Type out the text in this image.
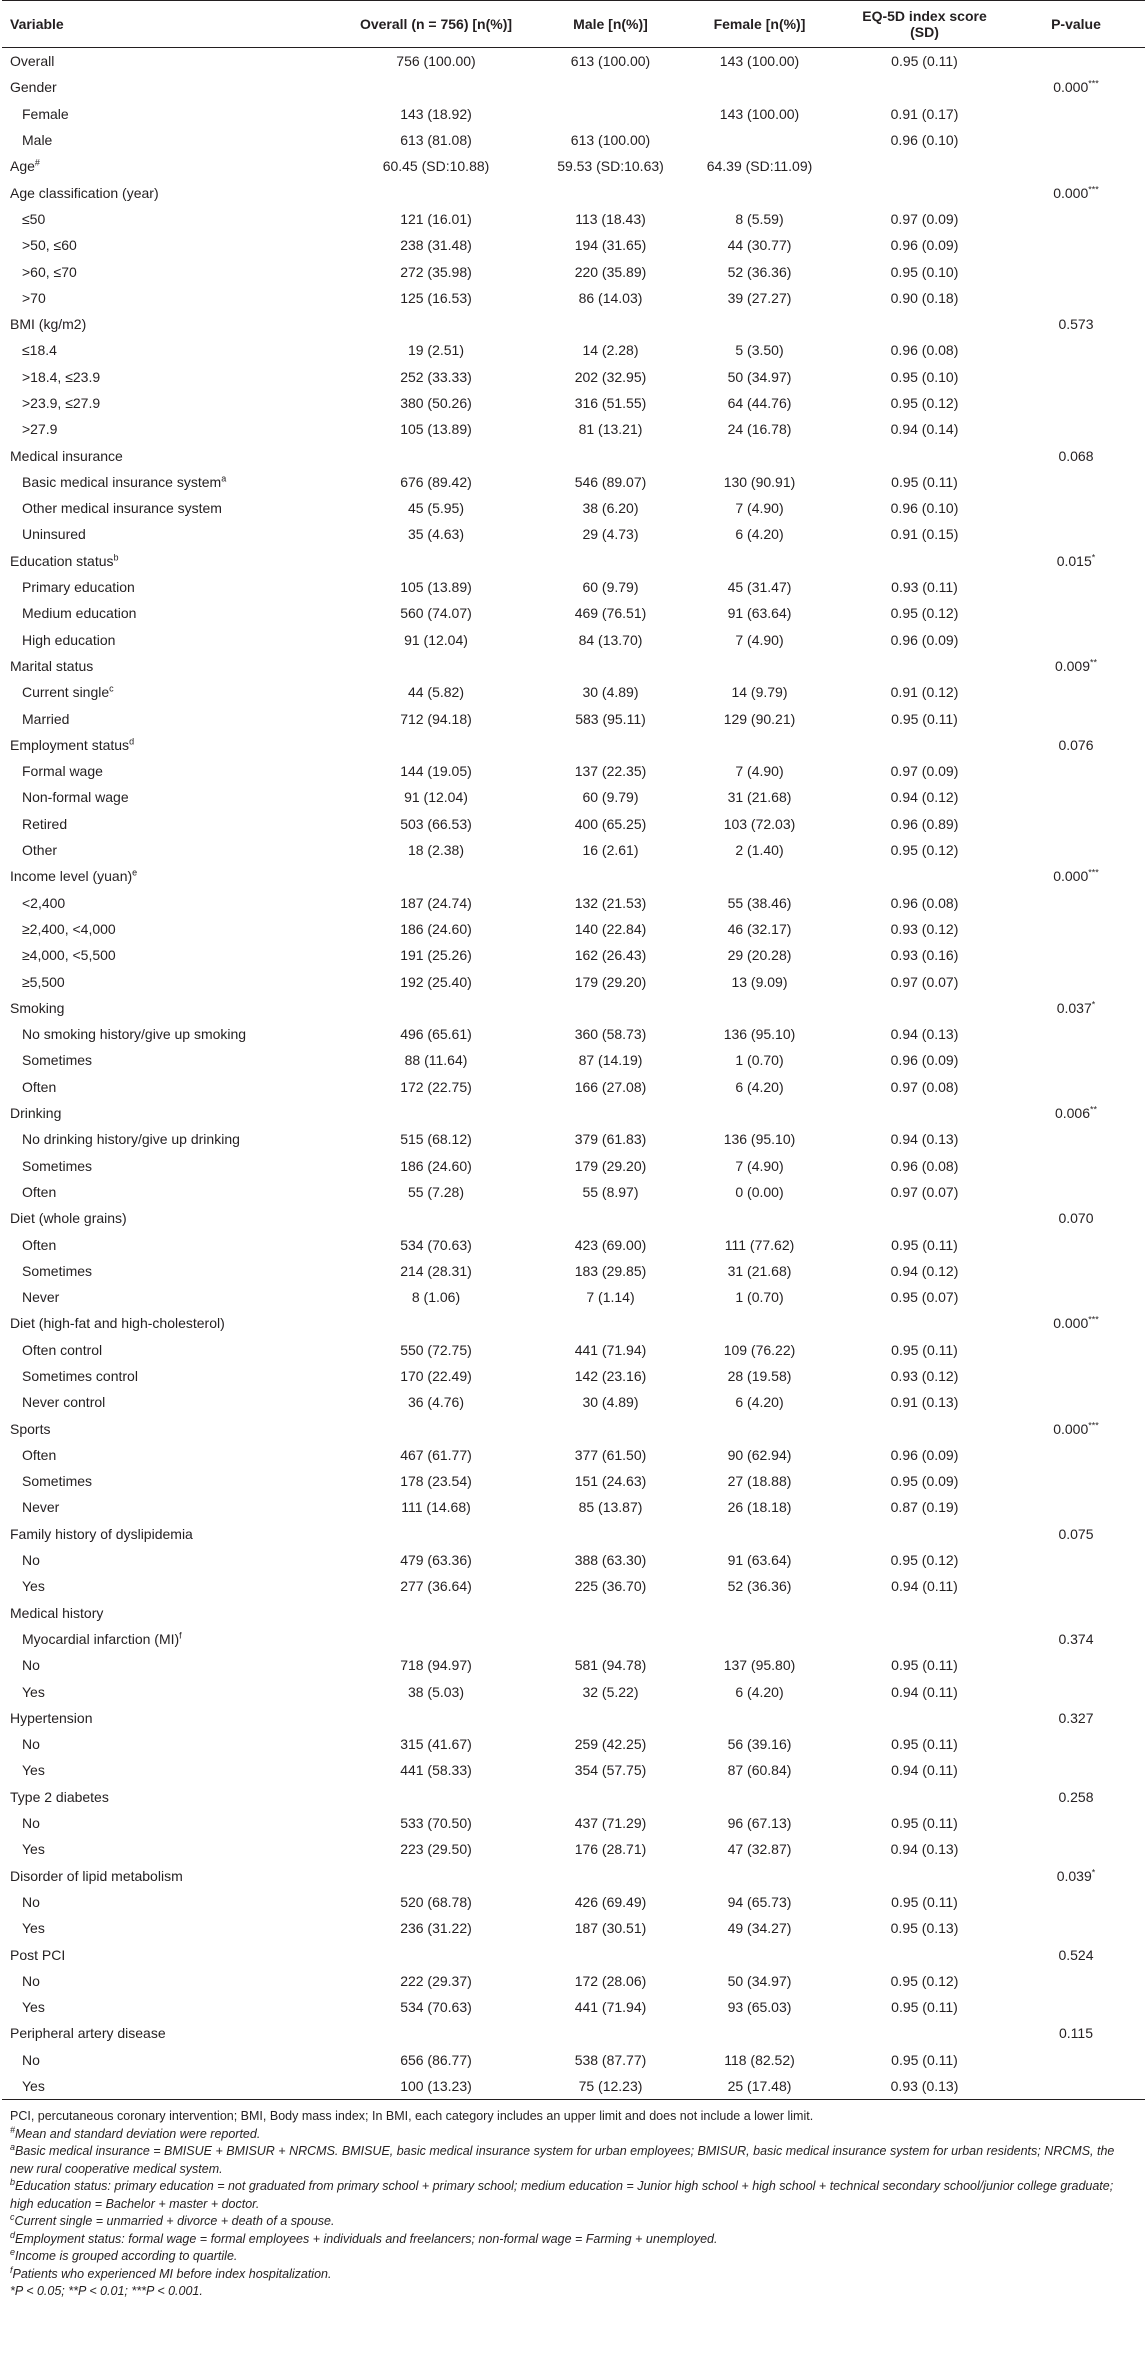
Variable	Overall (n = 756) [n(%)]	Male [n(%)]	Female [n(%)]	EQ-5D index score (SD)	P-value
Overall	756 (100.00)	613 (100.00)	143 (100.00)	0.95 (0.11)	
Gender					0.000***
Female	143 (18.92)		143 (100.00)	0.91 (0.17)	
Male	613 (81.08)	613 (100.00)		0.96 (0.10)	
Age#	60.45 (SD:10.88)	59.53 (SD:10.63)	64.39 (SD:11.09)		
Age classification (year)					0.000***
≤50	121 (16.01)	113 (18.43)	8 (5.59)	0.97 (0.09)	
>50, ≤60	238 (31.48)	194 (31.65)	44 (30.77)	0.96 (0.09)	
>60, ≤70	272 (35.98)	220 (35.89)	52 (36.36)	0.95 (0.10)	
>70	125 (16.53)	86 (14.03)	39 (27.27)	0.90 (0.18)	
BMI (kg/m2)					0.573
≤18.4	19 (2.51)	14 (2.28)	5 (3.50)	0.96 (0.08)	
>18.4, ≤23.9	252 (33.33)	202 (32.95)	50 (34.97)	0.95 (0.10)	
>23.9, ≤27.9	380 (50.26)	316 (51.55)	64 (44.76)	0.95 (0.12)	
>27.9	105 (13.89)	81 (13.21)	24 (16.78)	0.94 (0.14)	
Medical insurance					0.068
Basic medical insurance system$^a$	676 (89.42)	546 (89.07)	130 (90.91)	0.95 (0.11)	
Other medical insurance system	45 (5.95)	38 (6.20)	7 (4.90)	0.96 (0.10)	
Uninsured	35 (4.63)	29 (4.73)	6 (4.20)	0.91 (0.15)	
Education status$^b$					0.015*
Primary education	105 (13.89)	60 (9.79)	45 (31.47)	0.93 (0.11)	
Medium education	560 (74.07)	469 (76.51)	91 (63.64)	0.95 (0.12)	
High education	91 (12.04)	84 (13.70)	7 (4.90)	0.96 (0.09)	
Marital status					0.009**
Current single$^c$	44 (5.82)	30 (4.89)	14 (9.79)	0.91 (0.12)	
Married	712 (94.18)	583 (95.11)	129 (90.21)	0.95 (0.11)	
Employment status$^d$					0.076
Formal wage	144 (19.05)	137 (22.35)	7 (4.90)	0.97 (0.09)	
Non-formal wage	91 (12.04)	60 (9.79)	31 (21.68)	0.94 (0.12)	
Retired	503 (66.53)	400 (65.25)	103 (72.03)	0.96 (0.89)	
Other	18 (2.38)	16 (2.61)	2 (1.40)	0.95 (0.12)	
Income level (yuan)$^e$					0.000***
<2,400	187 (24.74)	132 (21.53)	55 (38.46)	0.96 (0.08)	
≥2,400, <4,000	186 (24.60)	140 (22.84)	46 (32.17)	0.93 (0.12)	
≥4,000, <5,500	191 (25.26)	162 (26.43)	29 (20.28)	0.93 (0.16)	
≥5,500	192 (25.40)	179 (29.20)	13 (9.09)	0.97 (0.07)	
Smoking					0.037*
No smoking history/give up smoking	496 (65.61)	360 (58.73)	136 (95.10)	0.94 (0.13)	
Sometimes	88 (11.64)	87 (14.19)	1 (0.70)	0.96 (0.09)	
Often	172 (22.75)	166 (27.08)	6 (4.20)	0.97 (0.08)	
Drinking					0.006**
No drinking history/give up drinking	515 (68.12)	379 (61.83)	136 (95.10)	0.94 (0.13)	
Sometimes	186 (24.60)	179 (29.20)	7 (4.90)	0.96 (0.08)	
Often	55 (7.28)	55 (8.97)	0 (0.00)	0.97 (0.07)	
Diet (whole grains)					0.070
Often	534 (70.63)	423 (69.00)	111 (77.62)	0.95 (0.11)	
Sometimes	214 (28.31)	183 (29.85)	31 (21.68)	0.94 (0.12)	
Never	8 (1.06)	7 (1.14)	1 (0.70)	0.95 (0.07)	
Diet (high-fat and high-cholesterol)					0.000***
Often control	550 (72.75)	441 (71.94)	109 (76.22)	0.95 (0.11)	
Sometimes control	170 (22.49)	142 (23.16)	28 (19.58)	0.93 (0.12)	
Never control	36 (4.76)	30 (4.89)	6 (4.20)	0.91 (0.13)	
Sports					0.000***
Often	467 (61.77)	377 (61.50)	90 (62.94)	0.96 (0.09)	
Sometimes	178 (23.54)	151 (24.63)	27 (18.88)	0.95 (0.09)	
Never	111 (14.68)	85 (13.87)	26 (18.18)	0.87 (0.19)	
Family history of dyslipidemia					0.075
No	479 (63.36)	388 (63.30)	91 (63.64)	0.95 (0.12)	
Yes	277 (36.64)	225 (36.70)	52 (36.36)	0.94 (0.11)	
Medical history					
Myocardial infarction (MI)$^f$					0.374
No	718 (94.97)	581 (94.78)	137 (95.80)	0.95 (0.11)	
Yes	38 (5.03)	32 (5.22)	6 (4.20)	0.94 (0.11)	
Hypertension					0.327
No	315 (41.67)	259 (42.25)	56 (39.16)	0.95 (0.11)	
Yes	441 (58.33)	354 (57.75)	87 (60.84)	0.94 (0.11)	
Type 2 diabetes					0.258
No	533 (70.50)	437 (71.29)	96 (67.13)	0.95 (0.11)	
Yes	223 (29.50)	176 (28.71)	47 (32.87)	0.94 (0.13)	
Disorder of lipid metabolism					0.039*
No	520 (68.78)	426 (69.49)	94 (65.73)	0.95 (0.11)	
Yes	236 (31.22)	187 (30.51)	49 (34.27)	0.95 (0.13)	
Post PCI					0.524
No	222 (29.37)	172 (28.06)	50 (34.97)	0.95 (0.12)	
Yes	534 (70.63)	441 (71.94)	93 (65.03)	0.95 (0.11)	
Peripheral artery disease					0.115
No	656 (86.77)	538 (87.77)	118 (82.52)	0.95 (0.11)	
Yes	100 (13.23)	75 (12.23)	25 (17.48)	0.93 (0.13)	

PCI, percutaneous coronary intervention; BMI, Body mass index; In BMI, each category includes an upper limit and does not include a lower limit.

#Mean and standard deviation were reported.

$^a$Basic medical insurance = BMISUE + BMISUR + NRCMS. BMISUE, basic medical insurance system for urban employees; BMISUR, basic medical insurance system for urban residents; NRCMS, the new rural cooperative medical system.

$^b$Education status: primary education = not graduated from primary school + primary school; medium education = Junior high school + high school + technical secondary school/junior college graduate; high education = Bachelor + master + doctor.

$^c$Current single = unmarried + divorce + death of a spouse.

$^d$Employment status: formal wage = formal employees + individuals and freelancers; non-formal wage = Farming + unemployed.

$^e$Income is grouped according to quartile.

$^f$Patients who experienced MI before index hospitalization.

*P < 0.05; **P < 0.01; ***P < 0.001.
